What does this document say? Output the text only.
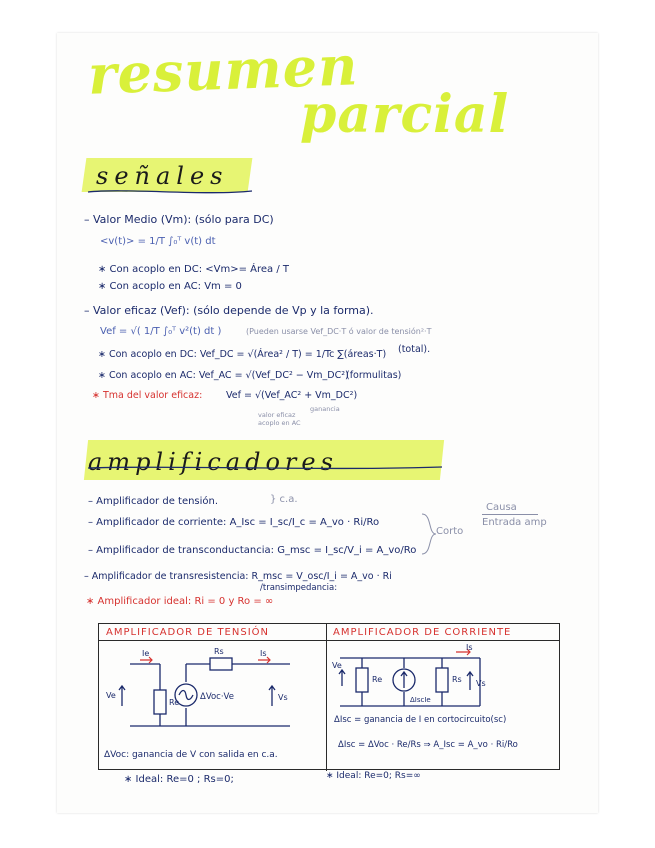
resumen
parcial
señales
– Valor Medio (Vm): (sólo para DC)
<v(t)> = 1/T ∫₀ᵀ v(t) dt
∗ Con acoplo en DC: <Vm>= Área / T
∗ Con acoplo en AC: Vm = 0
– Valor eficaz (Vef): (sólo depende de Vp y la forma).
Vef = √( 1/T ∫₀ᵀ v²(t) dt )	(Pueden usarse Vef_DC·T ó valor de tensión²·T
∗ Con acoplo en DC: Vef_DC = √(Área² / T) = 1/Tc ∑(áreas·T) (total).
∗ Con acoplo en AC: Vef_AC = √(Vef_DC² − Vm_DC²)
(formulitas)
∗ Tma del valor eficaz: Vef = √(Vef_AC² + Vm_DC²)
valor eficaz
acoplo en AC
ganancia
amplificadores
– Amplificador de tensión.	} c.a.
– Amplificador de corriente: A_Isc = I_sc/I_c = A_vo · Ri/Ro
– Amplificador de transconductancia: G_msc = I_sc/V_i = A_vo/Ro
– Amplificador de transresistencia: R_msc = V_osc/I_i = A_vo · Ri
/transimpedancia:
∗ Amplificador ideal: Ri = 0 y Ro = ∞
Corto
Causa
Entrada amp
AMPLIFICADOR DE TENSIÓN	AMPLIFICADOR DE CORRIENTE
Ie	Is
Rs
Re
Ve	Vs
ΔVoc·Ve
ΔVoc: ganancia de V con salida en c.a.
Is
Ve
Re	Rs Vs
ΔIscIe
ΔIsc = ganancia de I en cortocircuito(sc)
ΔIsc = ΔVoc · Re/Rs ⇒ A_Isc = A_vo · Ri/Ro
∗ Ideal: Re=0 ; Rs=0;	∗ Ideal: Re=0; Rs=∞
